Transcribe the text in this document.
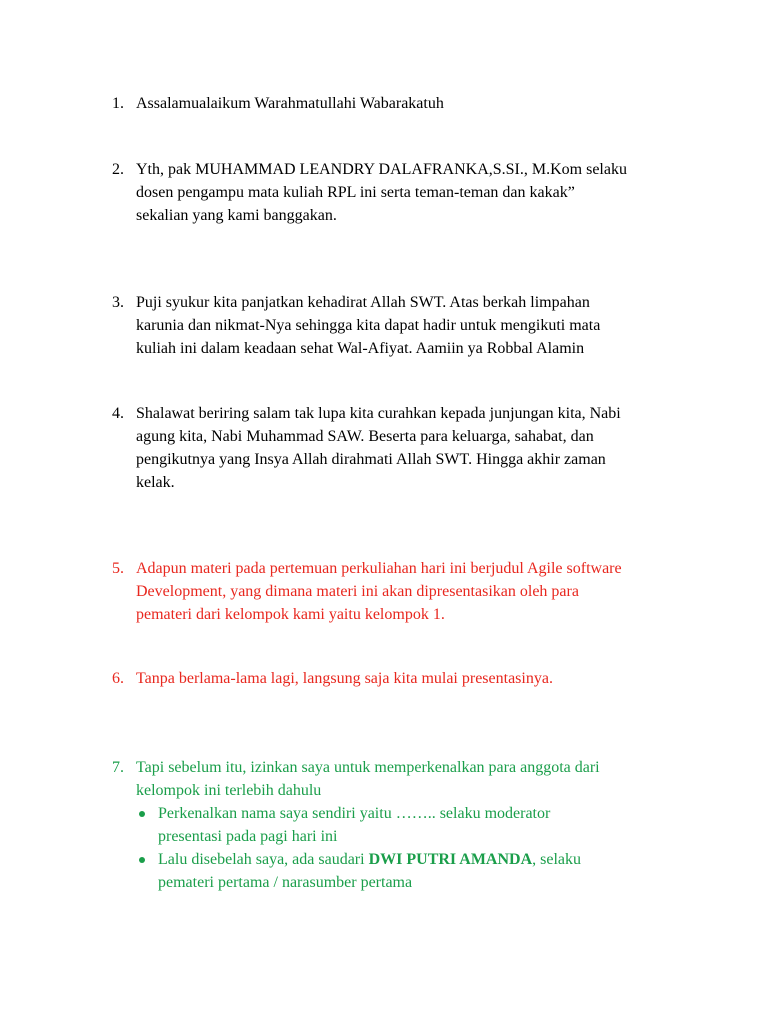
1. Assalamualaikum Warahmatullahi Wabarakatuh
2. Yth, pak MUHAMMAD LEANDRY DALAFRANKA,S.SI., M.Kom selaku
dosen pengampu mata kuliah RPL ini serta teman-teman dan kakak”
sekalian yang kami banggakan.
3. Puji syukur kita panjatkan kehadirat Allah SWT. Atas berkah limpahan
karunia dan nikmat-Nya sehingga kita dapat hadir untuk mengikuti mata
kuliah ini dalam keadaan sehat Wal-Afiyat. Aamiin ya Robbal Alamin
4. Shalawat beriring salam tak lupa kita curahkan kepada junjungan kita, Nabi
agung kita, Nabi Muhammad SAW. Beserta para keluarga, sahabat, dan
pengikutnya yang Insya Allah dirahmati Allah SWT. Hingga akhir zaman
kelak.
5. Adapun materi pada pertemuan perkuliahan hari ini berjudul Agile software
Development, yang dimana materi ini akan dipresentasikan oleh para
pemateri dari kelompok kami yaitu kelompok 1.
6. Tanpa berlama-lama lagi, langsung saja kita mulai presentasinya.
7. Tapi sebelum itu, izinkan saya untuk memperkenalkan para anggota dari
kelompok ini terlebih dahulu
Perkenalkan nama saya sendiri yaitu …….. selaku moderator
presentasi pada pagi hari ini
Lalu disebelah saya, ada saudari DWI PUTRI AMANDA, selaku
pemateri pertama / narasumber pertama
